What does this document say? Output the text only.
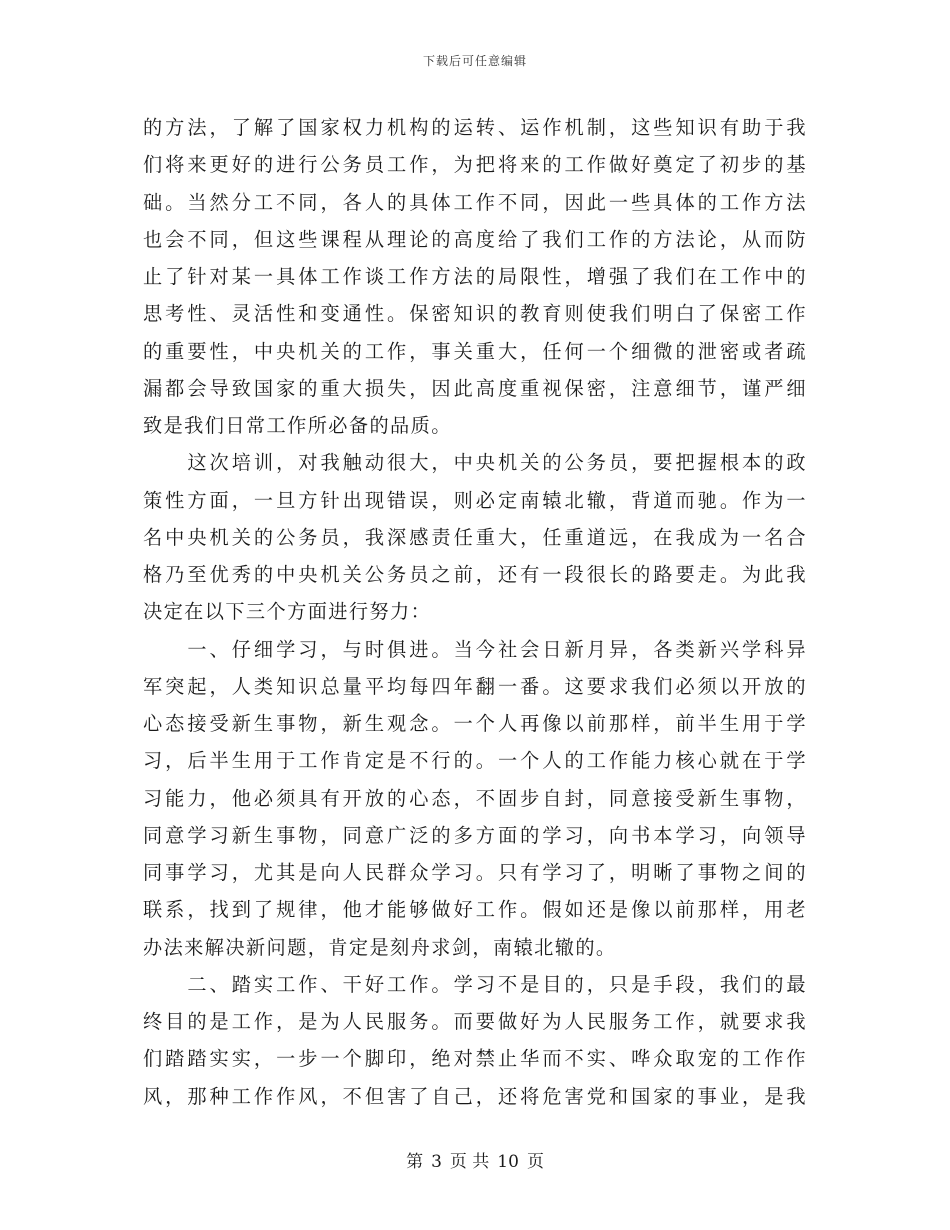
下载后可任意编辑
的方法，了解了国家权力机构的运转、运作机制，这些知识有助于我
们将来更好的进行公务员工作，为把将来的工作做好奠定了初步的基
础。当然分工不同，各人的具体工作不同，因此一些具体的工作方法
也会不同，但这些课程从理论的高度给了我们工作的方法论，从而防
止了针对某一具体工作谈工作方法的局限性，增强了我们在工作中的
思考性、灵活性和变通性。保密知识的教育则使我们明白了保密工作
的重要性，中央机关的工作，事关重大，任何一个细微的泄密或者疏
漏都会导致国家的重大损失，因此高度重视保密，注意细节，谨严细
致是我们日常工作所必备的品质。
　　这次培训，对我触动很大，中央机关的公务员，要把握根本的政
策性方面，一旦方针出现错误，则必定南辕北辙，背道而驰。作为一
名中央机关的公务员，我深感责任重大，任重道远，在我成为一名合
格乃至优秀的中央机关公务员之前，还有一段很长的路要走。为此我
决定在以下三个方面进行努力：
　　一、仔细学习，与时俱进。当今社会日新月异，各类新兴学科异
军突起，人类知识总量平均每四年翻一番。这要求我们必须以开放的
心态接受新生事物，新生观念。一个人再像以前那样，前半生用于学
习，后半生用于工作肯定是不行的。一个人的工作能力核心就在于学
习能力，他必须具有开放的心态，不固步自封，同意接受新生事物，
同意学习新生事物，同意广泛的多方面的学习，向书本学习，向领导
同事学习，尤其是向人民群众学习。只有学习了，明晰了事物之间的
联系，找到了规律，他才能够做好工作。假如还是像以前那样，用老
办法来解决新问题，肯定是刻舟求剑，南辕北辙的。
　　二、踏实工作、干好工作。学习不是目的，只是手段，我们的最
终目的是工作，是为人民服务。而要做好为人民服务工作，就要求我
们踏踏实实，一步一个脚印，绝对禁止华而不实、哗众取宠的工作作
风，那种工作作风，不但害了自己，还将危害党和国家的事业，是我
第 3 页 共 10 页
